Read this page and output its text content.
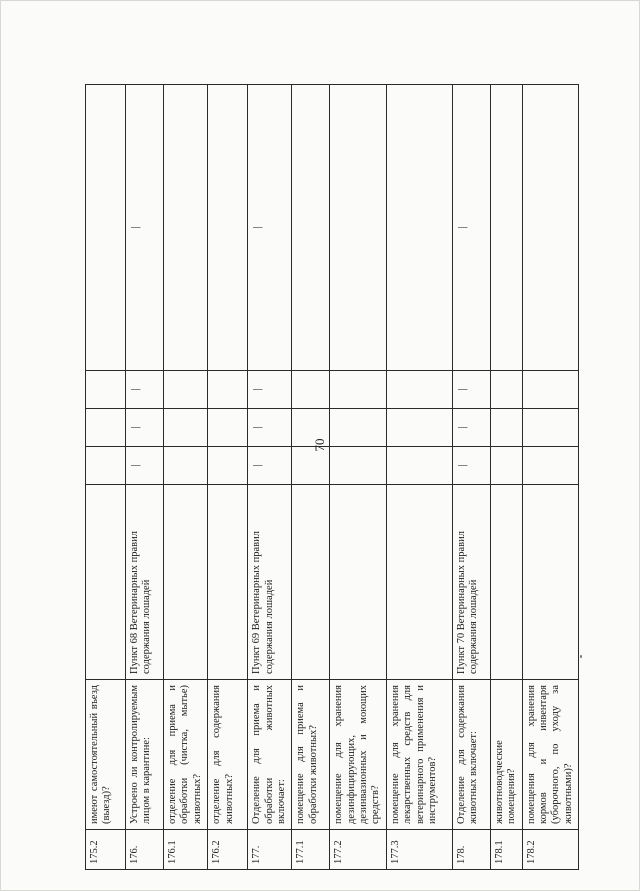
70
175.2	имеют самостоятельный въезд (выезд)?					
176.	Устроено ли контролируемым лицом в карантине:	Пункт 68 Ветеринарных правил содержания лошадей	|	|	|	|
176.1	отделение для приема и обработки (чистка, мытье) животных?					
176.2	отделение для содержания животных?					
177.	Отделение для приема и обработки животных включает:	Пункт 69 Ветеринарных правил содержания лошадей	|	|	|	|
177.1	помещение для приема и обработки животных?					
177.2	помещение для хранения дезинфицирующих, дезинвазионных и моющих средств?					
177.3	помещение для хранения лекарственных средств для ветеринарного применения и инструментов?					
178.	Отделение для содержания животных включает:	Пункт 70 Ветеринарных правил содержания лошадей	|	|	|	|
178.1	животноводческие помещения?					
178.2	помещения для хранения кормов и инвентаря (уборочного, по уходу за животными)?					
